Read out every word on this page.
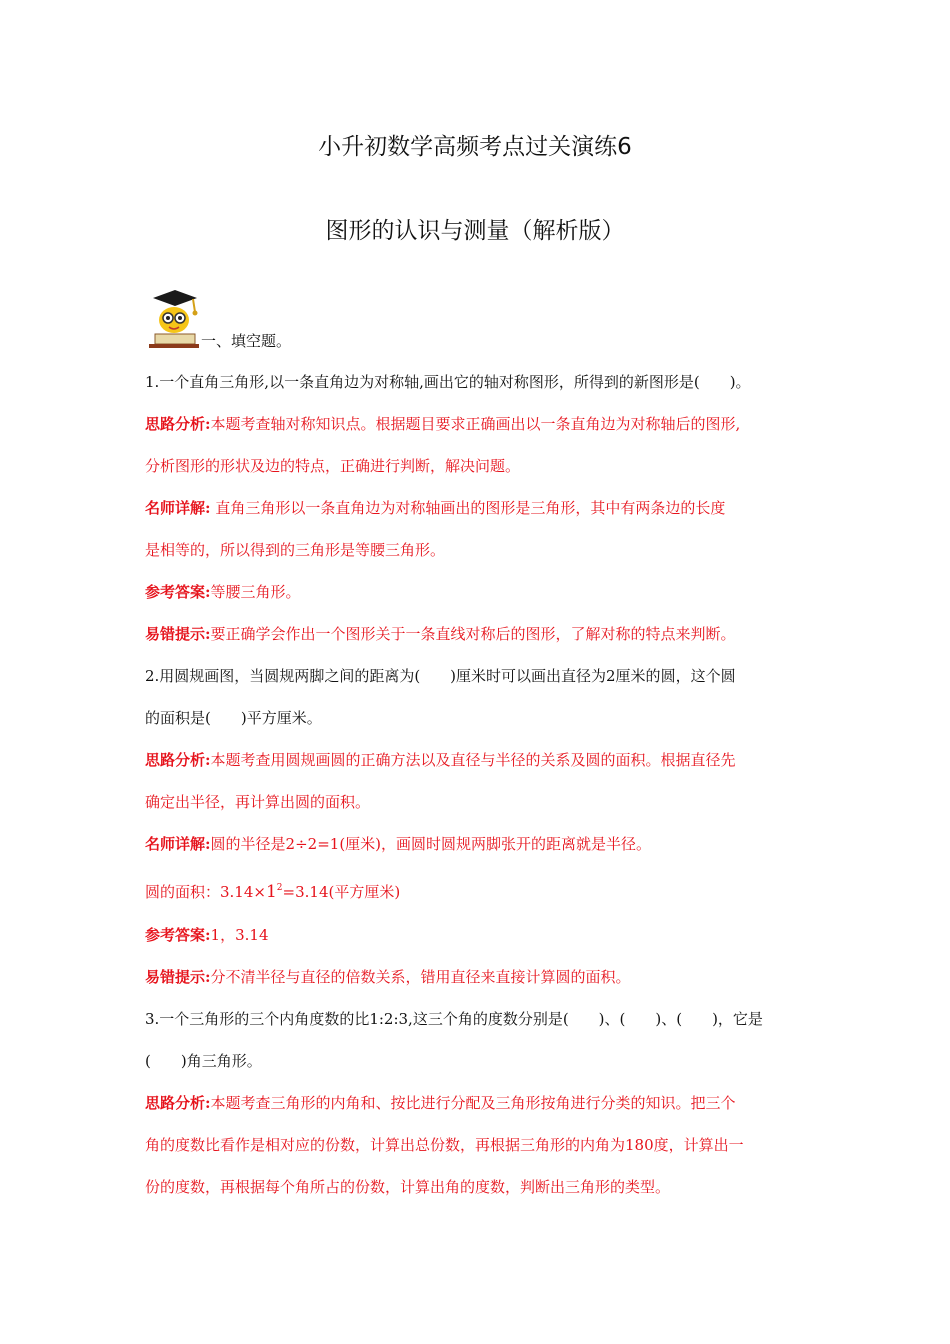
小升初数学高频考点过关演练6
图形的认识与测量（解析版）
一、填空题。
1.一个直角三角形,以一条直角边为对称轴,画出它的轴对称图形，所得到的新图形是(　　)。
思路分析:本题考查轴对称知识点。根据题目要求正确画出以一条直角边为对称轴后的图形,
分析图形的形状及边的特点，正确进行判断，解决问题。
名师详解: 直角三角形以一条直角边为对称轴画出的图形是三角形，其中有两条边的长度
是相等的，所以得到的三角形是等腰三角形。
参考答案:等腰三角形。
易错提示:要正确学会作出一个图形关于一条直线对称后的图形，了解对称的特点来判断。
2.用圆规画图，当圆规两脚之间的距离为(　　)厘米时可以画出直径为2厘米的圆，这个圆
的面积是(　　)平方厘米。
思路分析:本题考查用圆规画圆的正确方法以及直径与半径的关系及圆的面积。根据直径先
确定出半径，再计算出圆的面积。
名师详解:圆的半径是2÷2=1(厘米)，画圆时圆规两脚张开的距离就是半径。
圆的面积：$3.14\times 1^2=3.14$(平方厘米)
参考答案:1，3.14
易错提示:分不清半径与直径的倍数关系，错用直径来直接计算圆的面积。
3.一个三角形的三个内角度数的比1:2:3,这三个角的度数分别是(　　)、(　　)、(　　)，它是
(　　)角三角形。
思路分析:本题考查三角形的内角和、按比进行分配及三角形按角进行分类的知识。把三个
角的度数比看作是相对应的份数，计算出总份数，再根据三角形的内角为180度，计算出一
份的度数，再根据每个角所占的份数，计算出角的度数，判断出三角形的类型。
